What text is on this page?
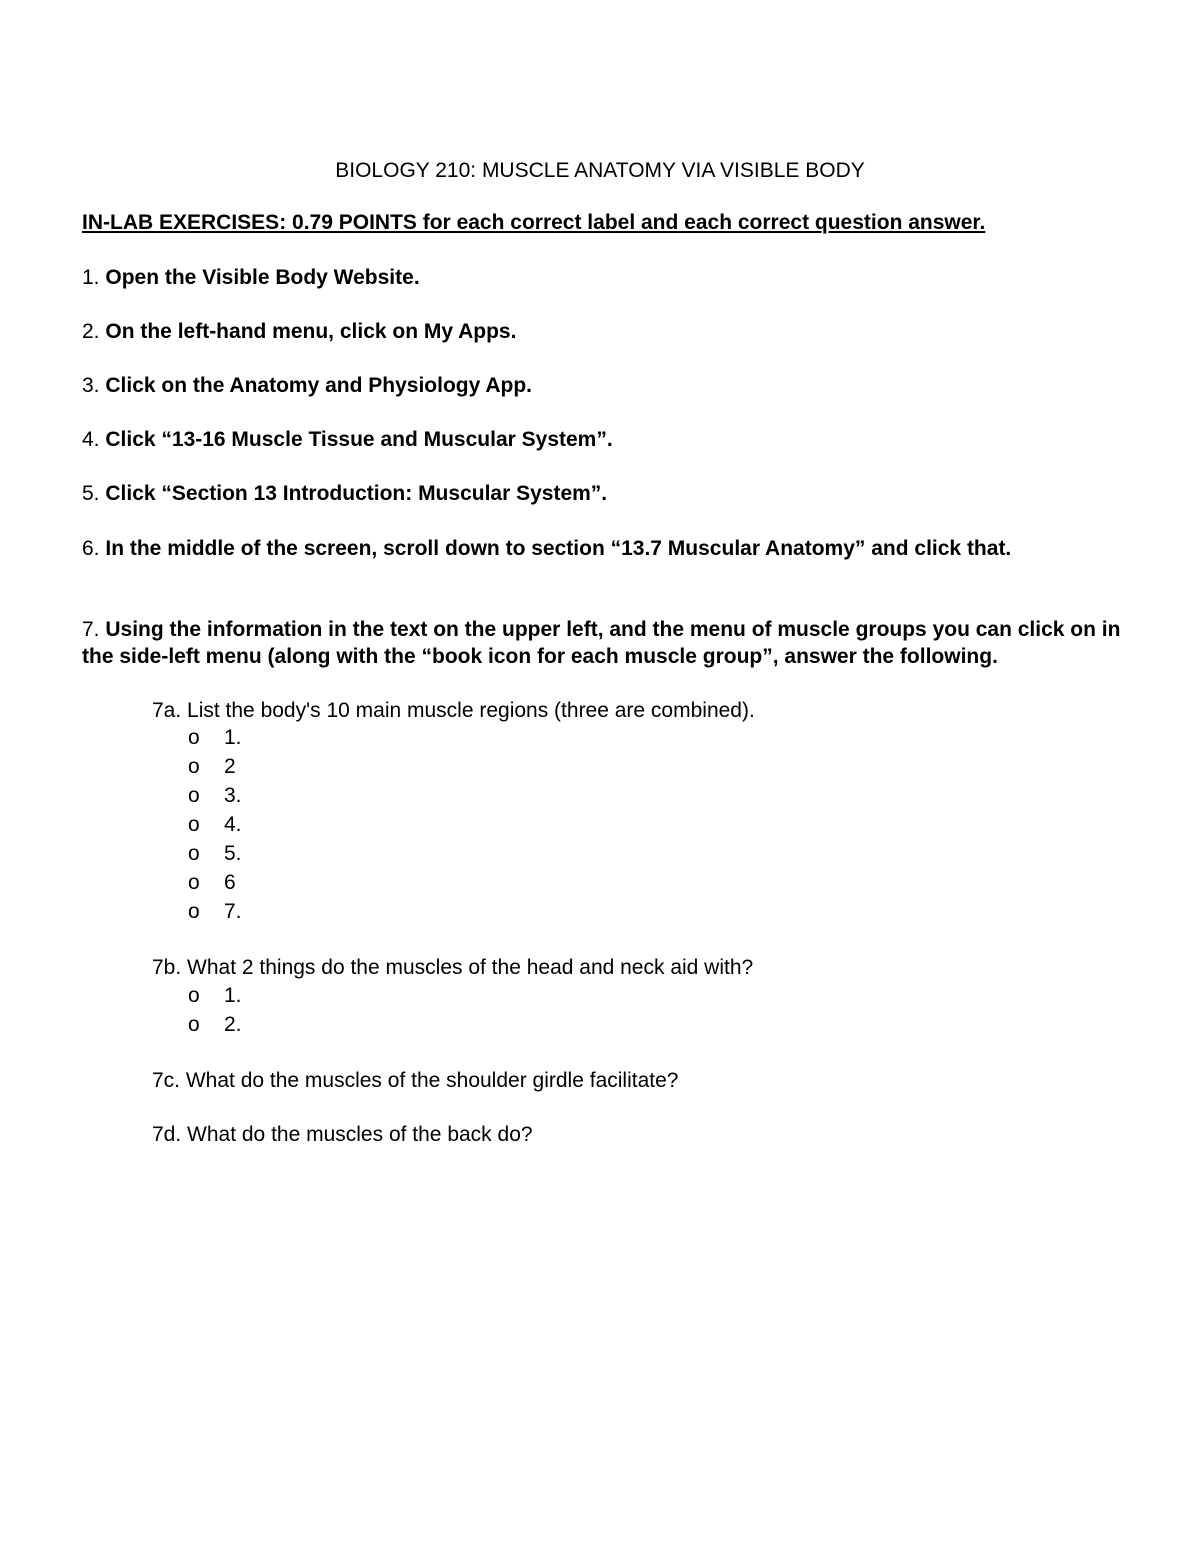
BIOLOGY 210: MUSCLE ANATOMY VIA VISIBLE BODY
IN-LAB EXERCISES: 0.79 POINTS for each correct label and each correct question answer.
1. Open the Visible Body Website.
2. On the left-hand menu, click on My Apps.
3. Click on the Anatomy and Physiology App.
4. Click “13-16 Muscle Tissue and Muscular System”.
5. Click “Section 13 Introduction: Muscular System”.
6. In the middle of the screen, scroll down to section “13.7 Muscular Anatomy” and click that.
7. Using the information in the text on the upper left, and the menu of muscle groups you can click on in the side-left menu (along with the “book icon for each muscle group”, answer the following.
7a. List the body's 10 main muscle regions (three are combined).
o 1.
o 2
o 3.
o 4.
o 5.
o 6
o 7.
7b. What 2 things do the muscles of the head and neck aid with?
o 1.
o 2.
7c. What do the muscles of the shoulder girdle facilitate?
7d. What do the muscles of the back do?
